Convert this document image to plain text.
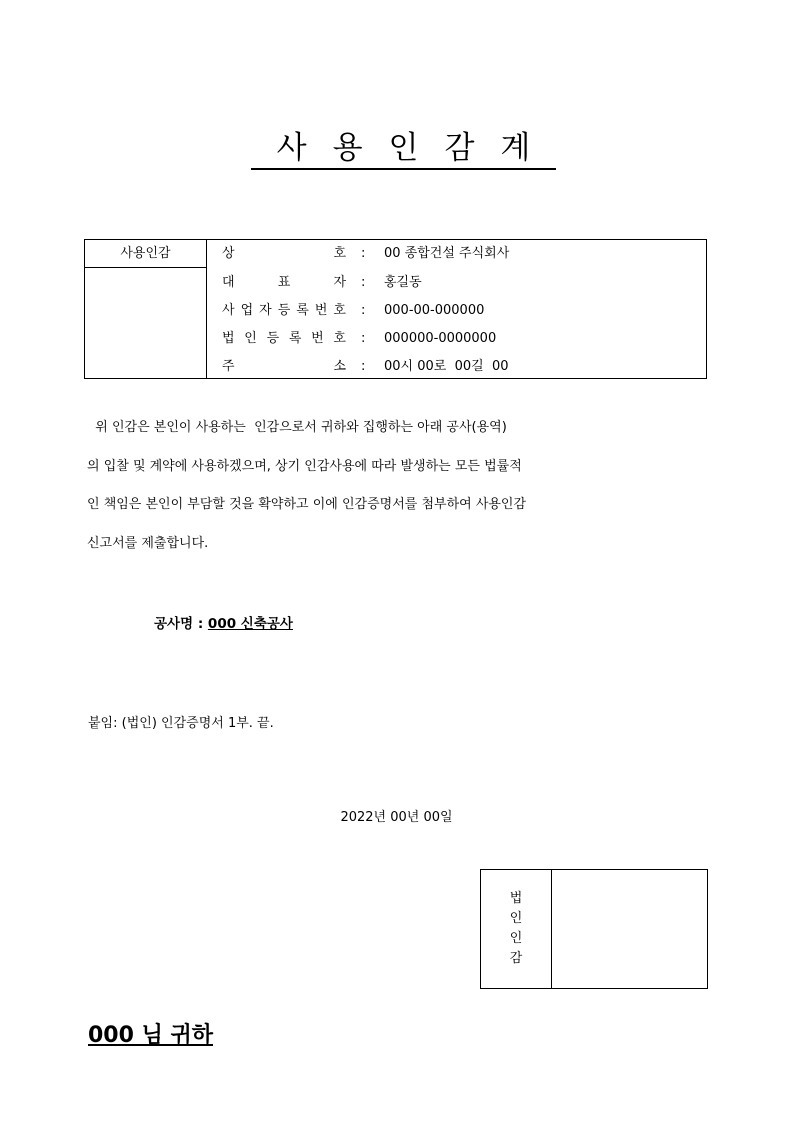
사용인감계
사용인감	상	호 : 00 종합건설 주식회사
대	표	자 : 홍길동
사 업 자 등 록 번 호 : 000-00-000000
법 인 등 록 번 호 : 000000-0000000
주	소 : 00시 00로  00길  00

위 인감은 본인이 사용하는  인감으로서 귀하와 집행하는 아래 공사(용역)

의 입찰 및 계약에 사용하겠으며, 상기 인감사용에 따라 발생하는 모든 법률적

인 책임은 본인이 부담할 것을 확약하고 이에 인감증명서를 첨부하여 사용인감

신고서를 제출합니다.

공사명 : 000 신축공사
붙임: (법인) 인감증명서 1부. 끝.
2022년 00년 00일
법
인
인
감
000 님 귀하
